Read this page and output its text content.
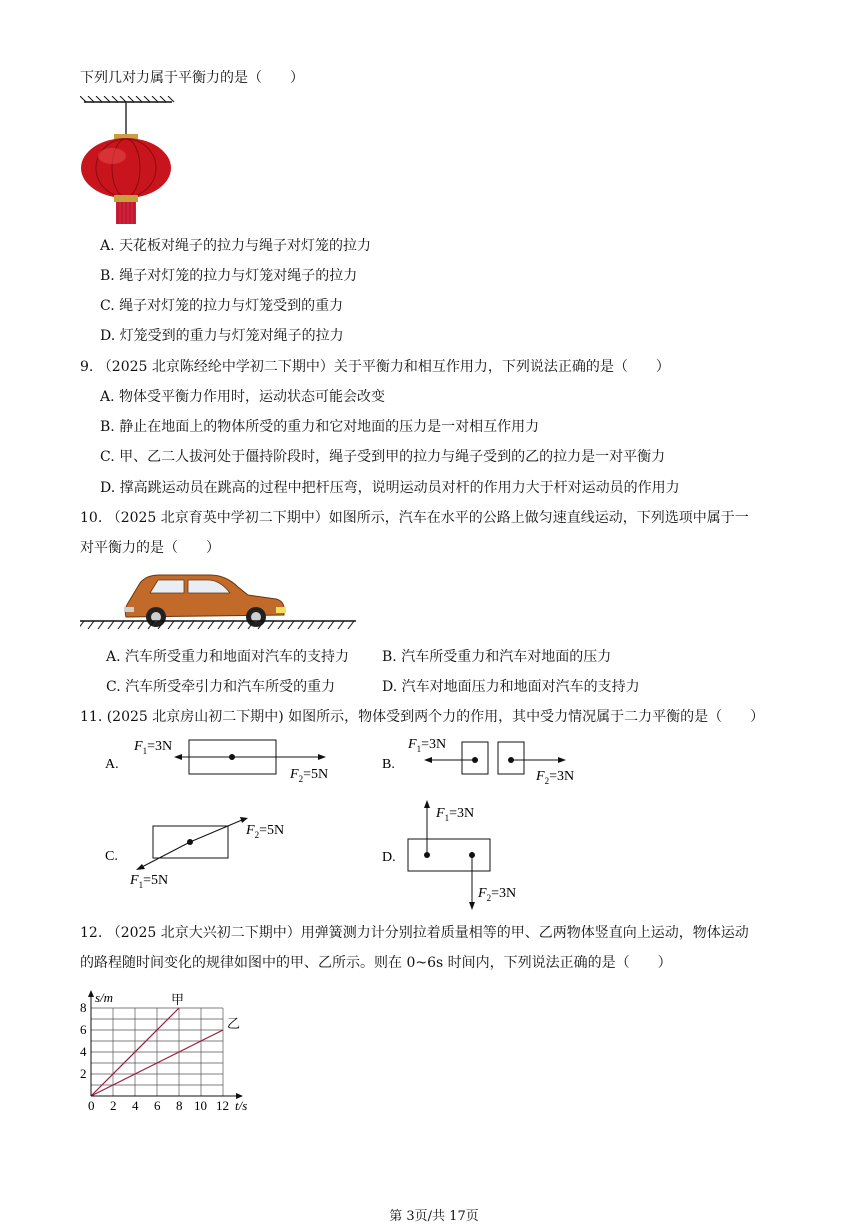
下列几对力属于平衡力的是（　　）
A. 天花板对绳子的拉力与绳子对灯笼的拉力
B. 绳子对灯笼的拉力与灯笼对绳子的拉力
C. 绳子对灯笼的拉力与灯笼受到的重力
D. 灯笼受到的重力与灯笼对绳子的拉力
9. （2025 北京陈经纶中学初二下期中）关于平衡力和相互作用力，下列说法正确的是（　　）
A. 物体受平衡力作用时，运动状态可能会改变
B. 静止在地面上的物体所受的重力和它对地面的压力是一对相互作用力
C. 甲、乙二人拔河处于僵持阶段时，绳子受到甲的拉力与绳子受到的乙的拉力是一对平衡力
D. 撑高跳运动员在跳高的过程中把杆压弯，说明运动员对杆的作用力大于杆对运动员的作用力
10. （2025 北京育英中学初二下期中）如图所示，汽车在水平的公路上做匀速直线运动，下列选项中属于一
对平衡力的是（　　）
A. 汽车所受重力和地面对汽车的支持力 B. 汽车所受重力和汽车对地面的压力
C. 汽车所受牵引力和汽车所受的重力	D. 汽车对地面压力和地面对汽车的支持力
11. (2025 北京房山初二下期中) 如图所示，物体受到两个力的作用，其中受力情况属于二力平衡的是（　　）
A.
$F_1=3N$
$F_2=5N$
B.
$F_1=3N$
$F_2=3N$
C.
$F_2=5N$
$F_1=5N$
D.
$F_1=3N$
$F_2=3N$
12. （2025 北京大兴初二下期中）用弹簧测力计分别拉着质量相等的甲、乙两物体竖直向上运动，物体运动
的路程随时间变化的规律如图中的甲、乙所示。则在 0~6s 时间内，下列说法正确的是（　　）
甲
乙
0 2 4 6 8 10 12
2
4
6
8
t/s
s/m
第 3页/共 17页
